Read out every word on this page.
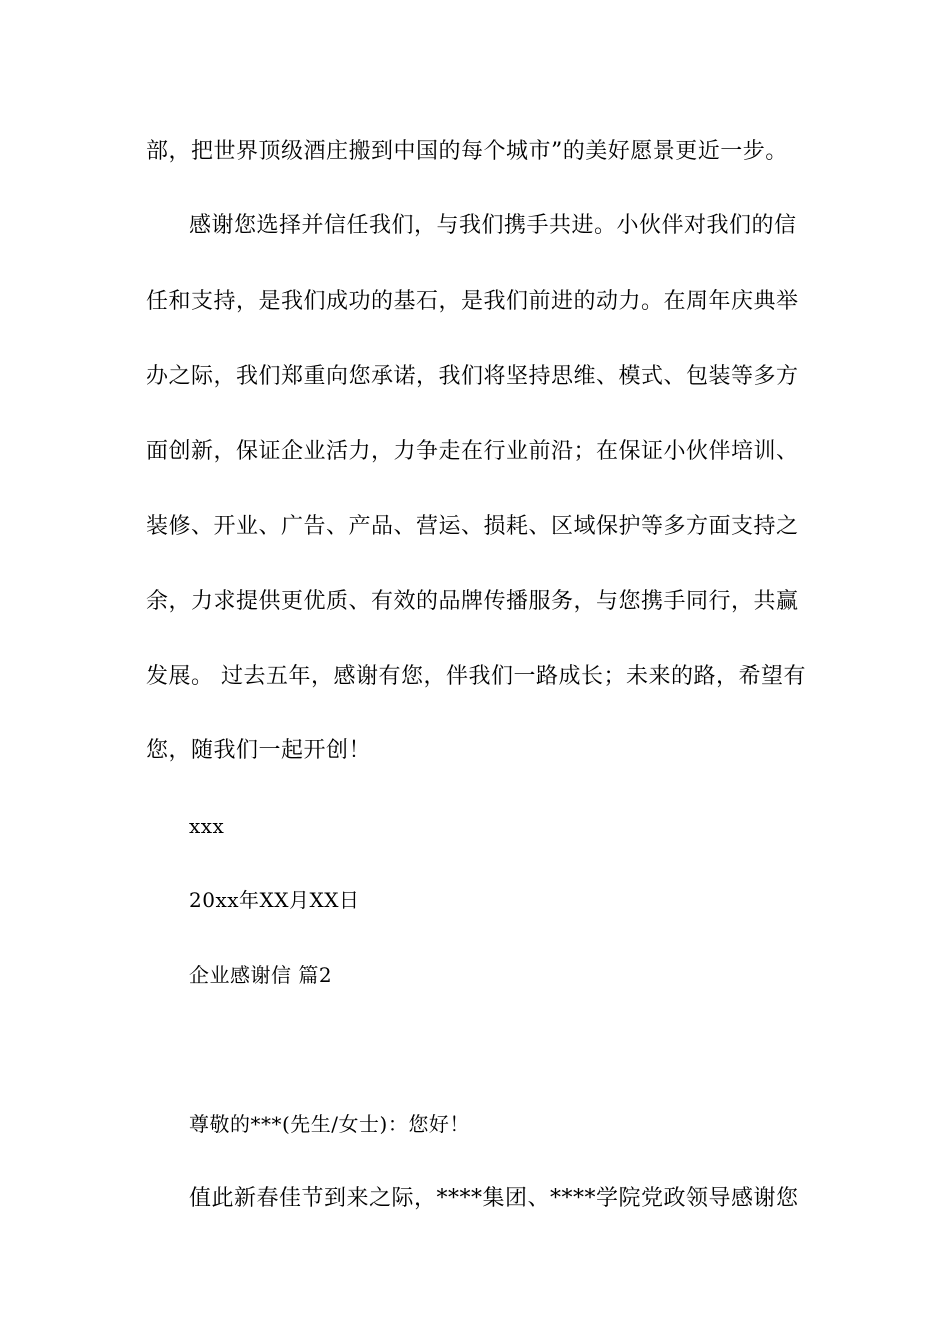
部，把世界顶级酒庄搬到中国的每个城市”的美好愿景更近一步。
感谢您选择并信任我们，与我们携手共进。小伙伴对我们的信
任和支持，是我们成功的基石，是我们前进的动力。在周年庆典举
办之际，我们郑重向您承诺，我们将坚持思维、模式、包装等多方
面创新，保证企业活力，力争走在行业前沿；在保证小伙伴培训、
装修、开业、广告、产品、营运、损耗、区域保护等多方面支持之
余，力求提供更优质、有效的品牌传播服务，与您携手同行，共赢
发展。 过去五年，感谢有您，伴我们一路成长；未来的路，希望有
您，随我们一起开创！
xxx
20xx年XX月XX日
企业感谢信 篇2
尊敬的***(先生/女士)：您好！
值此新春佳节到来之际，****集团、****学院党政领导感谢您
